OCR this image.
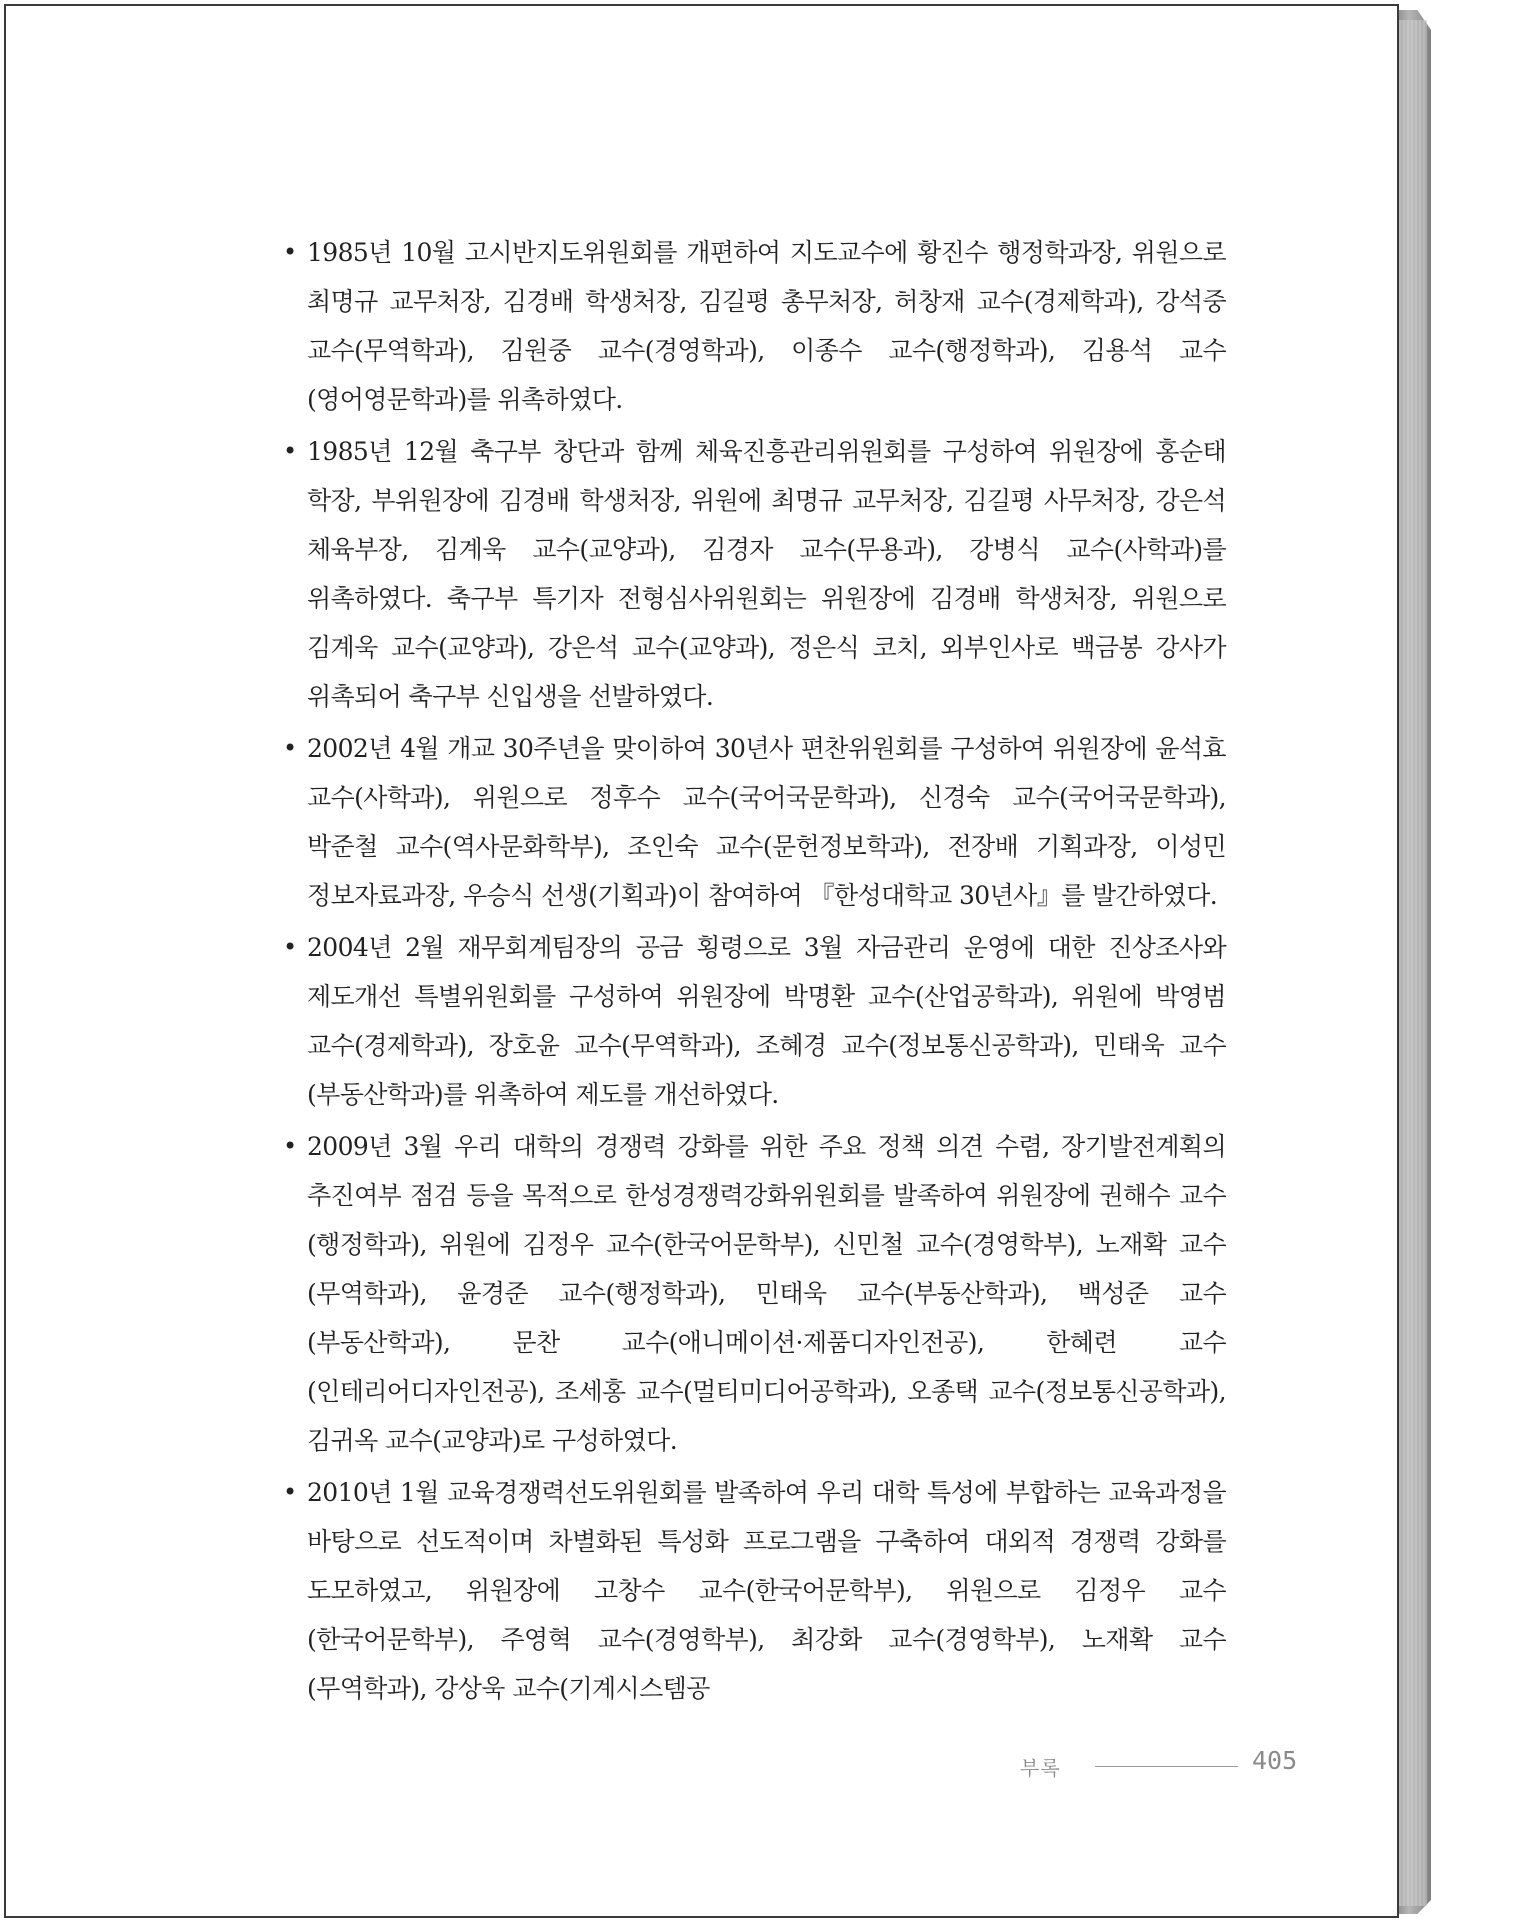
• 1985년 10월 고시반지도위원회를 개편하여 지도교수에 황진수 행정학과장, 위원으로 최명규 교무처장, 김경배 학생처장, 김길평 총무처장, 허창재 교수(경제학과), 강석중 교수(무역학과), 김원중 교수(경영학과), 이종수 교수(행정학과), 김용석 교수(영어영문학과)를 위촉하였다.

• 1985년 12월 축구부 창단과 함께 체육진흥관리위원회를 구성하여 위원장에 홍순태 학장, 부위원장에 김경배 학생처장, 위원에 최명규 교무처장, 김길평 사무처장, 강은석 체육부장, 김계욱 교수(교양과), 김경자 교수(무용과), 강병식 교수(사학과)를 위촉하였다. 축구부 특기자 전형심사위원회는 위원장에 김경배 학생처장, 위원으로 김계욱 교수(교양과), 강은석 교수(교양과), 정은식 코치, 외부인사로 백금봉 강사가 위촉되어 축구부 신입생을 선발하였다.

• 2002년 4월 개교 30주년을 맞이하여 30년사 편찬위원회를 구성하여 위원장에 윤석효 교수(사학과), 위원으로 정후수 교수(국어국문학과), 신경숙 교수(국어국문학과), 박준철 교수(역사문화학부), 조인숙 교수(문헌정보학과), 전장배 기획과장, 이성민 정보자료과장, 우승식 선생(기획과)이 참여하여 『한성대학교 30년사』를 발간하였다.

• 2004년 2월 재무회계팀장의 공금 횡령으로 3월 자금관리 운영에 대한 진상조사와 제도개선 특별위원회를 구성하여 위원장에 박명환 교수(산업공학과), 위원에 박영범 교수(경제학과), 장호윤 교수(무역학과), 조혜경 교수(정보통신공학과), 민태욱 교수(부동산학과)를 위촉하여 제도를 개선하였다.

• 2009년 3월 우리 대학의 경쟁력 강화를 위한 주요 정책 의견 수렴, 장기발전계획의 추진여부 점검 등을 목적으로 한성경쟁력강화위원회를 발족하여 위원장에 권해수 교수(행정학과), 위원에 김정우 교수(한국어문학부), 신민철 교수(경영학부), 노재확 교수(무역학과), 윤경준 교수(행정학과), 민태욱 교수(부동산학과), 백성준 교수(부동산학과), 문찬 교수(애니메이션·제품디자인전공), 한혜련 교수(인테리어디자인전공), 조세홍 교수(멀티미디어공학과), 오종택 교수(정보통신공학과), 김귀옥 교수(교양과)로 구성하였다.

• 2010년 1월 교육경쟁력선도위원회를 발족하여 우리 대학 특성에 부합하는 교육과정을 바탕으로 선도적이며 차별화된 특성화 프로그램을 구축하여 대외적 경쟁력 강화를 도모하였고, 위원장에 고창수 교수(한국어문학부), 위원으로 김정우 교수(한국어문학부), 주영혁 교수(경영학부), 최강화 교수(경영학부), 노재확 교수(무역학과), 강상욱 교수(기계시스템공

부록	405
